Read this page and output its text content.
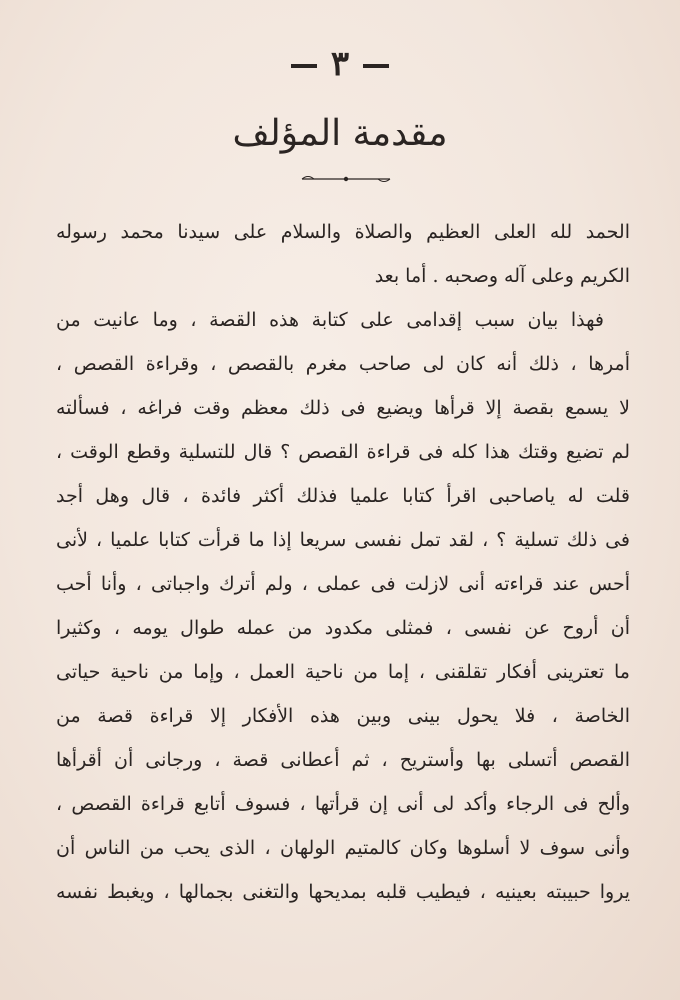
٣
مقدمة المؤلف
الحمد لله العلى العظيم والصلاة والسلام على سيدنا محمد رسوله
الكريم وعلى آله وصحبه . أما بعد
فهذا بيان سبب إقدامى على كتابة هذه القصة ، وما عانيت من
أمرها ، ذلك أنه كان لى صاحب مغرم بالقصص ، وقراءة القصص ،
لا يسمع بقصة إلا قرأها ويضيع فى ذلك معظم وقت فراغه ، فسألته
لم تضيع وقتك هذا كله فى قراءة القصص ؟ قال للتسلية وقطع الوقت ،
قلت له ياصاحبى اقرأ كتابا علميا فذلك أكثر فائدة ، قال وهل أجد
فى ذلك تسلية ؟ ، لقد تمل نفسى سريعا إذا ما قرأت كتابا علميا ، لأنى
أحس عند قراءته أنى لازلت فى عملى ، ولم أترك واجباتى ، وأنا أحب
أن أروح عن نفسى ، فمثلى مكدود من عمله طوال يومه ، وكثيرا
ما تعترينى أفكار تقلقنى ، إما من ناحية العمل ، وإما من ناحية حياتى
الخاصة ، فلا يحول بينى وبين هذه الأفكار إلا قراءة قصة من
القصص أتسلى بها وأستريح ، ثم أعطانى قصة ، ورجانى أن أقرأها
وألح فى الرجاء وأكد لى أنى إن قرأتها ، فسوف أتابع قراءة القصص ،
وأنى سوف لا أسلوها وكان كالمتيم الولهان ، الذى يحب من الناس أن
يروا حبيبته بعينيه ، فيطيب قلبه بمديحها والتغنى بجمالها ، ويغبط نفسه
